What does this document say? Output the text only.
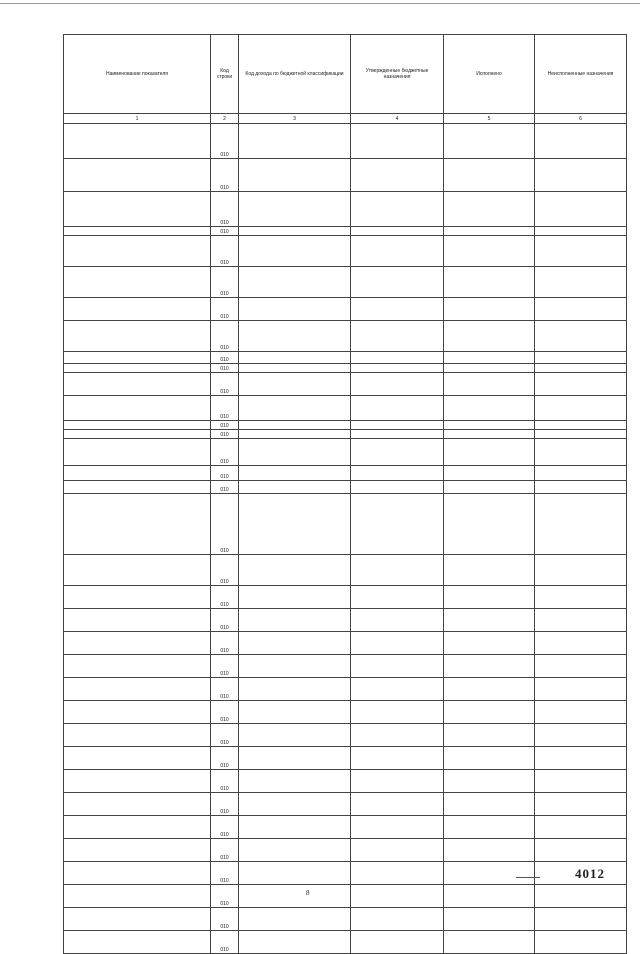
Наименование показателя	Код строки	Код дохода по бюджетной классификации	Утвержденные бюджетные назначения	Исполнено	Неисполненные назначения
1	2	3	4	5	6
	010				
	010				
	010				
	010				
	010				
	010				
	010				
	010				
	010				
	010				
	010				
	010				
	010				
	010				
	010				
	010				
	010				
	010				
	010				
	010				
	010				
	010				
	010				
	010				
	010				
	010				
	010				
	010				
	010				
	010				
	010				
	010				
	010				
	010				
	010				
4012
8
